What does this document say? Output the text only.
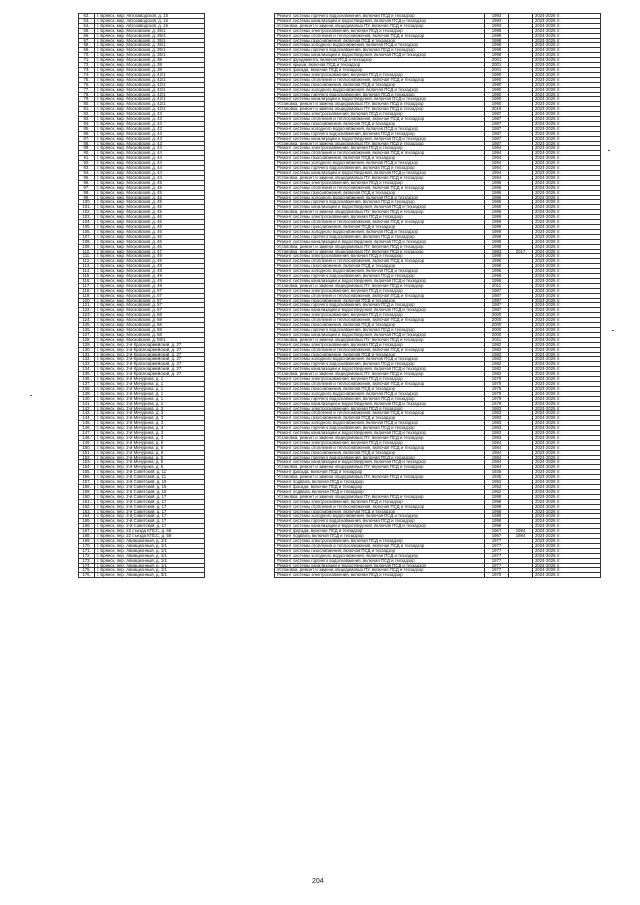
62.	г. Брянск, мкр. Автозаводской, д. 15		Ремонт системы горячего водоснабжения, включая ПСД и техзадзор	1993		2024-2026 гг.
63.	г. Брянск, мкр. Автозаводской, д. 15		Ремонт системы канализации и водоотведения, включая ПСД и техзадзор	1993		2024-2026 гг.
64.	г. Брянск, мкр. Автозаводской, д. 15		Установка, ремонт и замена общедомовых ПУ, включая ПСД и техзадзор	1993		2024-2026 гг.
65.	г. Брянск, мкр. Московский, д. 35/1		Ремонт системы электроснабжения, включая ПСД и техзадзор	1998		2024-2026 гг.
66.	г. Брянск, мкр. Московский, д. 35/1		Ремонт системы отопления и теплоснабжения, включая ПСД и техзадзор	1998		2024-2026 гг.
67.	г. Брянск, мкр. Московский, д. 35/1		Ремонт системы газоснабжения, включая ПСД и техзадзор	1998		2024-2026 гг.
68.	г. Брянск, мкр. Московский, д. 35/1		Ремонт системы холодного водоснабжения, включая ПСД и техзадзор	1998		2024-2026 гг.
69.	г. Брянск, мкр. Московский, д. 35/1		Ремонт системы горячего водоснабжения, включая ПСД и техзадзор	1998		2024-2026 гг.
70.	г. Брянск, мкр. Московский, д. 35/1		Ремонт системы канализации и водоотведения, включая ПСД и техзадзор	1998		2024-2026 гг.
71.	г. Брянск, мкр. Московский, д. 38		Ремонт фундамента, включая ПСД и техзадзор	2001		2024-2026 гг.
72.	г. Брянск, мкр. Московский, д. 38		Ремонт крыши, включая ПСД и техзадзор	2001		2024-2026 гг.
73.	г. Брянск, мкр. Московский, д. 38		Ремонт фасада, включая ПСД и техзадзор	2001		2024-2026 гг.
74.	г. Брянск, мкр. Московский, д. 42/1		Ремонт системы электроснабжения, включая ПСД и техзадзор	1990		2024-2026 гг.
75.	г. Брянск, мкр. Московский, д. 42/1		Ремонт системы отопления и теплоснабжения, включая ПСД и техзадзор	1990		2024-2026 гг.
76.	г. Брянск, мкр. Московский, д. 42/1		Ремонт системы газоснабжения, включая ПСД и техзадзор	1990		2024-2026 гг.
77.	г. Брянск, мкр. Московский, д. 42/1		Ремонт системы холодного водоснабжения, включая ПСД и техзадзор	1990		2024-2026 гг.
78.	г. Брянск, мкр. Московский, д. 42/1		Ремонт системы горячего водоснабжения, включая ПСД и техзадзор	1990		2024-2026 гг.
79.	г. Брянск, мкр. Московский, д. 42/1		Ремонт системы канализации и водоотведения, включая ПСД и техзадзор	1990		2024-2026 гг.
80.	г. Брянск, мкр. Московский, д. 42/1		Установка, ремонт и замена общедомовых ПУ, включая ПСД и техзадзор	1990		2024-2026 гг.
81.	г. Брянск, мкр. Московский, д. 42/1		Установка, ремонт и замена общедомовых ПУ, включая ПСД и техзадзор	2019		2024-2026 гг.
82.	г. Брянск, мкр. Московский, д. 43		Ремонт системы электроснабжения, включая ПСД и техзадзор	1987		2024-2026 гг.
83.	г. Брянск, мкр. Московский, д. 43		Ремонт системы отопления и теплоснабжения, включая ПСД и техзадзор	1987		2024-2026 гг.
84.	г. Брянск, мкр. Московский, д. 43		Ремонт системы газоснабжения, включая ПСД и техзадзор	1987		2024-2026 гг.
85.	г. Брянск, мкр. Московский, д. 43		Ремонт системы холодного водоснабжения, включая ПСД и техзадзор	1987		2024-2026 гг.
86.	г. Брянск, мкр. Московский, д. 43		Ремонт системы горячего водоснабжения, включая ПСД и техзадзор	1987		2024-2026 гг.
87.	г. Брянск, мкр. Московский, д. 43		Ремонт системы канализации и водоотведения, включая ПСД и техзадзор	1987		2024-2026 гг.
88.	г. Брянск, мкр. Московский, д. 43		Установка, ремонт и замена общедомовых ПУ, включая ПСД и техзадзор	1987		2024-2026 гг.
89.	г. Брянск, мкр. Московский, д. 44		Ремонт системы электроснабжения, включая ПСД и техзадзор	1994		2024-2026 гг.
90.	г. Брянск, мкр. Московский, д. 44		Ремонт системы отопления и теплоснабжения, включая ПСД и техзадзор	1994		2024-2026 гг.
91.	г. Брянск, мкр. Московский, д. 44		Ремонт системы газоснабжения, включая ПСД и техзадзор	1994		2024-2026 гг.
92.	г. Брянск, мкр. Московский, д. 44		Ремонт системы холодного водоснабжения, включая ПСД и техзадзор	1994		2024-2026 гг.
93.	г. Брянск, мкр. Московский, д. 44		Ремонт системы горячего водоснабжения, включая ПСД и техзадзор	1994		2024-2026 гг.
94.	г. Брянск, мкр. Московский, д. 44		Ремонт системы канализации и водоотведения, включая ПСД и техзадзор	1994		2024-2026 гг.
95.	г. Брянск, мкр. Московский, д. 44		Установка, ремонт и замена общедомовых ПУ, включая ПСД и техзадзор	1994		2024-2026 гг.
96.	г. Брянск, мкр. Московский, д. 45		Ремонт системы электроснабжения, включая ПСД и техзадзор	1986		2024-2026 гг.
97.	г. Брянск, мкр. Московский, д. 45		Ремонт системы отопления и теплоснабжения, включая ПСД и техзадзор	1986		2024-2026 гг.
98.	г. Брянск, мкр. Московский, д. 45		Ремонт системы газоснабжения, включая ПСД и техзадзор	1986		2024-2026 гг.
99.	г. Брянск, мкр. Московский, д. 45		Ремонт системы холодного водоснабжения, включая ПСД и техзадзор	1986		2024-2026 гг.
100.	г. Брянск, мкр. Московский, д. 45		Ремонт системы горячего водоснабжения, включая ПСД и техзадзор	1986		2024-2026 гг.
101.	г. Брянск, мкр. Московский, д. 45		Ремонт системы канализации и водоотведения, включая ПСД и техзадзор	1986		2024-2026 гг.
102.	г. Брянск, мкр. Московский, д. 45		Установка, ремонт и замена общедомовых ПУ, включая ПСД и техзадзор	1986		2024-2026 гг.
103.	г. Брянск, мкр. Московский, д. 46		Ремонт системы электроснабжения, включая ПСД и техзадзор	1999		2024-2026 гг.
104.	г. Брянск, мкр. Московский, д. 46		Ремонт системы отопления и теплоснабжения, включая ПСД и техзадзор	1999		2024-2026 гг.
105.	г. Брянск, мкр. Московский, д. 46		Ремонт системы газоснабжения, включая ПСД и техзадзор	1999		2024-2026 гг.
106.	г. Брянск, мкр. Московский, д. 46		Ремонт системы холодного водоснабжения, включая ПСД и техзадзор	1999		2024-2026 гг.
107.	г. Брянск, мкр. Московский, д. 46		Ремонт системы горячего водоснабжения, включая ПСД и техзадзор	1999		2024-2026 гг.
108.	г. Брянск, мкр. Московский, д. 46		Ремонт системы канализации и водоотведения, включая ПСД и техзадзор	1999		2024-2026 гг.
109.	г. Брянск, мкр. Московский, д. 46		Установка, ремонт и замена общедомовых ПУ, включая ПСД и техзадзор	1999		2024-2026 гг.
110.	г. Брянск, мкр. Московский, д. 47		Установка, ремонт и замена общедомовых ПУ, включая ПСД и техзадзор	1983	2017	2024-2026 гг.
111.	г. Брянск, мкр. Московский, д. 49		Ремонт системы электроснабжения, включая ПСД и техзадзор	1996		2024-2026 гг.
112.	г. Брянск, мкр. Московский, д. 49		Ремонт системы отопления и теплоснабжения, включая ПСД и техзадзор	1996		2024-2026 гг.
113.	г. Брянск, мкр. Московский, д. 49		Ремонт системы газоснабжения, включая ПСД и техзадзор	1996		2024-2026 гг.
114.	г. Брянск, мкр. Московский, д. 49		Ремонт системы холодного водоснабжения, включая ПСД и техзадзор	1996		2024-2026 гг.
115.	г. Брянск, мкр. Московский, д. 49		Ремонт системы горячего водоснабжения, включая ПСД и техзадзор	1996		2024-2026 гг.
116.	г. Брянск, мкр. Московский, д. 49		Ремонт системы канализации и водоотведения, включая ПСД и техзадзор	1996		2024-2026 гг.
117.	г. Брянск, мкр. Московский, д. 49		Установка, ремонт и замена общедомовых ПУ, включая ПСД и техзадзор	2011		2024-2026 гг.
118.	г. Брянск, мкр. Московский, д. 57		Ремонт системы электроснабжения, включая ПСД и техзадзор	1987		2024-2026 гг.
119.	г. Брянск, мкр. Московский, д. 57		Ремонт системы отопления и теплоснабжения, включая ПСД и техзадзор	1987		2024-2026 гг.
120.	г. Брянск, мкр. Московский, д. 57		Ремонт системы газоснабжения, включая ПСД и техзадзор	1987		2024-2026 гг.
121.	г. Брянск, мкр. Московский, д. 57		Ремонт системы горячего водоснабжения, включая ПСД и техзадзор	1987		2024-2026 гг.
122.	г. Брянск, мкр. Московский, д. 57		Ремонт системы канализации и водоотведения, включая ПСД и техзадзор	1987		2024-2026 гг.
123.	г. Брянск, мкр. Московский, д. 58		Ремонт системы электроснабжения, включая ПСД и техзадзор	2000		2024-2026 гг.
124.	г. Брянск, мкр. Московский, д. 58		Ремонт системы отопления и теплоснабжения, включая ПСД и техзадзор	2000		2024-2026 гг.
125.	г. Брянск, мкр. Московский, д. 58		Ремонт системы газоснабжения, включая ПСД и техзадзор	2000		2024-2026 гг.
126.	г. Брянск, мкр. Московский, д. 58		Ремонт системы горячего водоснабжения, включая ПСД и техзадзор	2000		2024-2026 гг.
127.	г. Брянск, мкр. Московский, д. 58		Ремонт системы канализации и водоотведения, включая ПСД и техзадзор	2000		2024-2026 гг.
128.	г. Брянск, мкр. Московский, д. 59/1		Установка, ремонт и замена общедомовых ПУ, включая ПСД и техзадзор	2011		2024-2026 гг.
129.	г. Брянск, пер. 2-й Красноармейский, д. 27		Ремонт системы электроснабжения, включая ПСД и техзадзор	1982		2024-2026 гг.
130.	г. Брянск, пер. 2-й Красноармейский, д. 27		Ремонт системы отопления и теплоснабжения, включая ПСД и техзадзор	1982		2024-2026 гг.
131.	г. Брянск, пер. 2-й Красноармейский, д. 27		Ремонт системы газоснабжения, включая ПСД и техзадзор	1982		2024-2026 гг.
132.	г. Брянск, пер. 2-й Красноармейский, д. 27		Ремонт системы холодного водоснабжения, включая ПСД и техзадзор	1982		2024-2026 гг.
133.	г. Брянск, пер. 2-й Красноармейский, д. 27		Ремонт системы горячего водоснабжения, включая ПСД и техзадзор	1982		2024-2026 гг.
134.	г. Брянск, пер. 2-й Красноармейский, д. 27		Ремонт системы канализации и водоотведения, включая ПСД и техзадзор	1982		2024-2026 гг.
135.	г. Брянск, пер. 2-й Красноармейский, д. 27		Установка, ремонт и замена общедомовых ПУ, включая ПСД и техзадзор	1982		2024-2026 гг.
136.	г. Брянск, пер. 2-й Мичурина, д. 1		Ремонт системы электроснабжения, включая ПСД и техзадзор	1979		2024-2026 гг.
137.	г. Брянск, пер. 2-й Мичурина, д. 1		Ремонт системы отопления и теплоснабжения, включая ПСД и техзадзор	1979		2024-2026 гг.
138.	г. Брянск, пер. 2-й Мичурина, д. 1		Ремонт системы газоснабжения, включая ПСД и техзадзор	1979		2024-2026 гг.
139.	г. Брянск, пер. 2-й Мичурина, д. 1		Ремонт системы холодного водоснабжения, включая ПСД и техзадзор	1979		2024-2026 гг.
140.	г. Брянск, пер. 2-й Мичурина, д. 1		Ремонт системы горячего водоснабжения, включая ПСД и техзадзор	1979		2024-2026 гг.
141.	г. Брянск, пер. 2-й Мичурина, д. 1		Ремонт системы канализации и водоотведения, включая ПСД и техзадзор	1979		2024-2026 гг.
142.	г. Брянск, пер. 2-й Мичурина, д. 3		Ремонт системы электроснабжения, включая ПСД и техзадзор	1983		2024-2026 гг.
143.	г. Брянск, пер. 2-й Мичурина, д. 3		Ремонт системы отопления и теплоснабжения, включая ПСД и техзадзор	1983		2024-2026 гг.
144.	г. Брянск, пер. 2-й Мичурина, д. 3		Ремонт системы газоснабжения, включая ПСД и техзадзор	1983		2024-2026 гг.
145.	г. Брянск, пер. 2-й Мичурина, д. 3		Ремонт системы холодного водоснабжения, включая ПСД и техзадзор	1983		2024-2026 гг.
146.	г. Брянск, пер. 2-й Мичурина, д. 3		Ремонт системы горячего водоснабжения, включая ПСД и техзадзор	1983		2024-2026 гг.
147.	г. Брянск, пер. 2-й Мичурина, д. 3		Ремонт системы канализации и водоотведения, включая ПСД и техзадзор	1983		2024-2026 гг.
148.	г. Брянск, пер. 2-й Мичурина, д. 3		Установка, ремонт и замена общедомовых ПУ, включая ПСД и техзадзор	1983		2024-2026 гг.
149.	г. Брянск, пер. 2-й Мичурина, д. 5		Ремонт системы электроснабжения, включая ПСД и техзадзор	1984		2024-2026 гг.
150.	г. Брянск, пер. 2-й Мичурина, д. 5		Ремонт системы отопления и теплоснабжения, включая ПСД и техзадзор	1984		2024-2026 гг.
151.	г. Брянск, пер. 2-й Мичурина, д. 5		Ремонт системы газоснабжения, включая ПСД и техзадзор	1984		2024-2026 гг.
152.	г. Брянск, пер. 2-й Мичурина, д. 5		Ремонт системы горячего водоснабжения, включая ПСД и техзадзор	1984		2024-2026 гг.
153.	г. Брянск, пер. 2-й Мичурина, д. 5		Ремонт системы канализации и водоотведения, включая ПСД и техзадзор	1984		2024-2026 гг.
154.	г. Брянск, пер. 2-й Мичурина, д. 5		Установка, ремонт и замена общедомовых ПУ, включая ПСД и техзадзор	1984		2024-2026 гг.
155.	г. Брянск, пер. 2-й Советский, д. 11		Ремонт фасада, включая ПСД и техзадзор	1935		2024-2026 гг.
156.	г. Брянск, пер. 2-й Советский, д. 11		Установка, ремонт и замена общедомовых ПУ, включая ПСД и техзадзор	1935		2024-2026 гг.
157.	г. Брянск, пер. 2-й Советский, д. 15		Ремонт подвала, включая ПСД и техзадзор	1952		2024-2026 гг.
158.	г. Брянск, пер. 2-й Советский, д. 15		Ремонт фасада, включая ПСД и техзадзор	1952		2024-2026 гг.
159.	г. Брянск, пер. 2-й Советский, д. 15		Ремонт подвала, включая ПСД и техзадзор	1952		2024-2026 гг.
160.	г. Брянск, пер. 2-й Советский, д. 17		Установка, ремонт и замена общедомовых ПУ, включая ПСД и техзадзор	1998		2024-2026 гг.
161.	г. Брянск, пер. 2-й Советский, д. 17		Ремонт системы электроснабжения, включая ПСД и техзадзор	1998		2024-2026 гг.
162.	г. Брянск, пер. 2-й Советский, д. 17		Ремонт системы отопления и теплоснабжения, включая ПСД и техзадзор	1998		2024-2026 гг.
163.	г. Брянск, пер. 2-й Советский, д. 17		Ремонт системы газоснабжения, включая ПСД и техзадзор	1998		2024-2026 гг.
164.	г. Брянск, пер. 2-й Советский, д. 17		Ремонт системы холодного водоснабжения, включая ПСД и техзадзор	1998		2024-2026 гг.
165.	г. Брянск, пер. 2-й Советский, д. 17		Ремонт системы горячего водоснабжения, включая ПСД и техзадзор	1998		2024-2026 гг.
166.	г. Брянск, пер. 2-й Советский, д. 17		Ремонт системы канализации и водоотведения, включая ПСД и техзадзор	1998		2024-2026 гг.
167.	г. Брянск, пер. 22 съезда КПСС, д. 58		Ремонт фасада, включая ПСД и техзадзор	1967	1984	2024-2026 гг.
168.	г. Брянск, пер. 22 съезда КПСС, д. 58		Ремонт подвала, включая ПСД и техзадзор	1967	1984	2024-2026 гг.
169.	г. Брянск, пер. Авиационный, д. 1/1		Ремонт системы электроснабжения, включая ПСД и техзадзор	1977		2024-2026 гг.
170.	г. Брянск, пер. Авиационный, д. 1/1		Ремонт системы отопления и теплоснабжения, включая ПСД и техзадзор	1977		2024-2026 гг.
171.	г. Брянск, пер. Авиационный, д. 1/1		Ремонт системы газоснабжения, включая ПСД и техзадзор	1977		2024-2026 гг.
172.	г. Брянск, пер. Авиационный, д. 1/1		Ремонт системы холодного водоснабжения, включая ПСД и техзадзор	1977		2024-2026 гг.
173.	г. Брянск, пер. Авиационный, д. 1/1		Ремонт системы горячего водоснабжения, включая ПСД и техзадзор	1977		2024-2026 гг.
174.	г. Брянск, пер. Авиационный, д. 1/1		Ремонт системы канализации и водоотведения, включая ПСД и техзадзор	1977		2024-2026 гг.
175.	г. Брянск, пер. Авиационный, д. 1/1		Установка, ремонт и замена общедомовых ПУ, включая ПСД и техзадзор	1977		2024-2026 гг.
176.	г. Брянск, пер. Авиационный, д. 3/1		Ремонт системы электроснабжения, включая ПСД и техзадзор	1976		2024-2026 гг.
204
